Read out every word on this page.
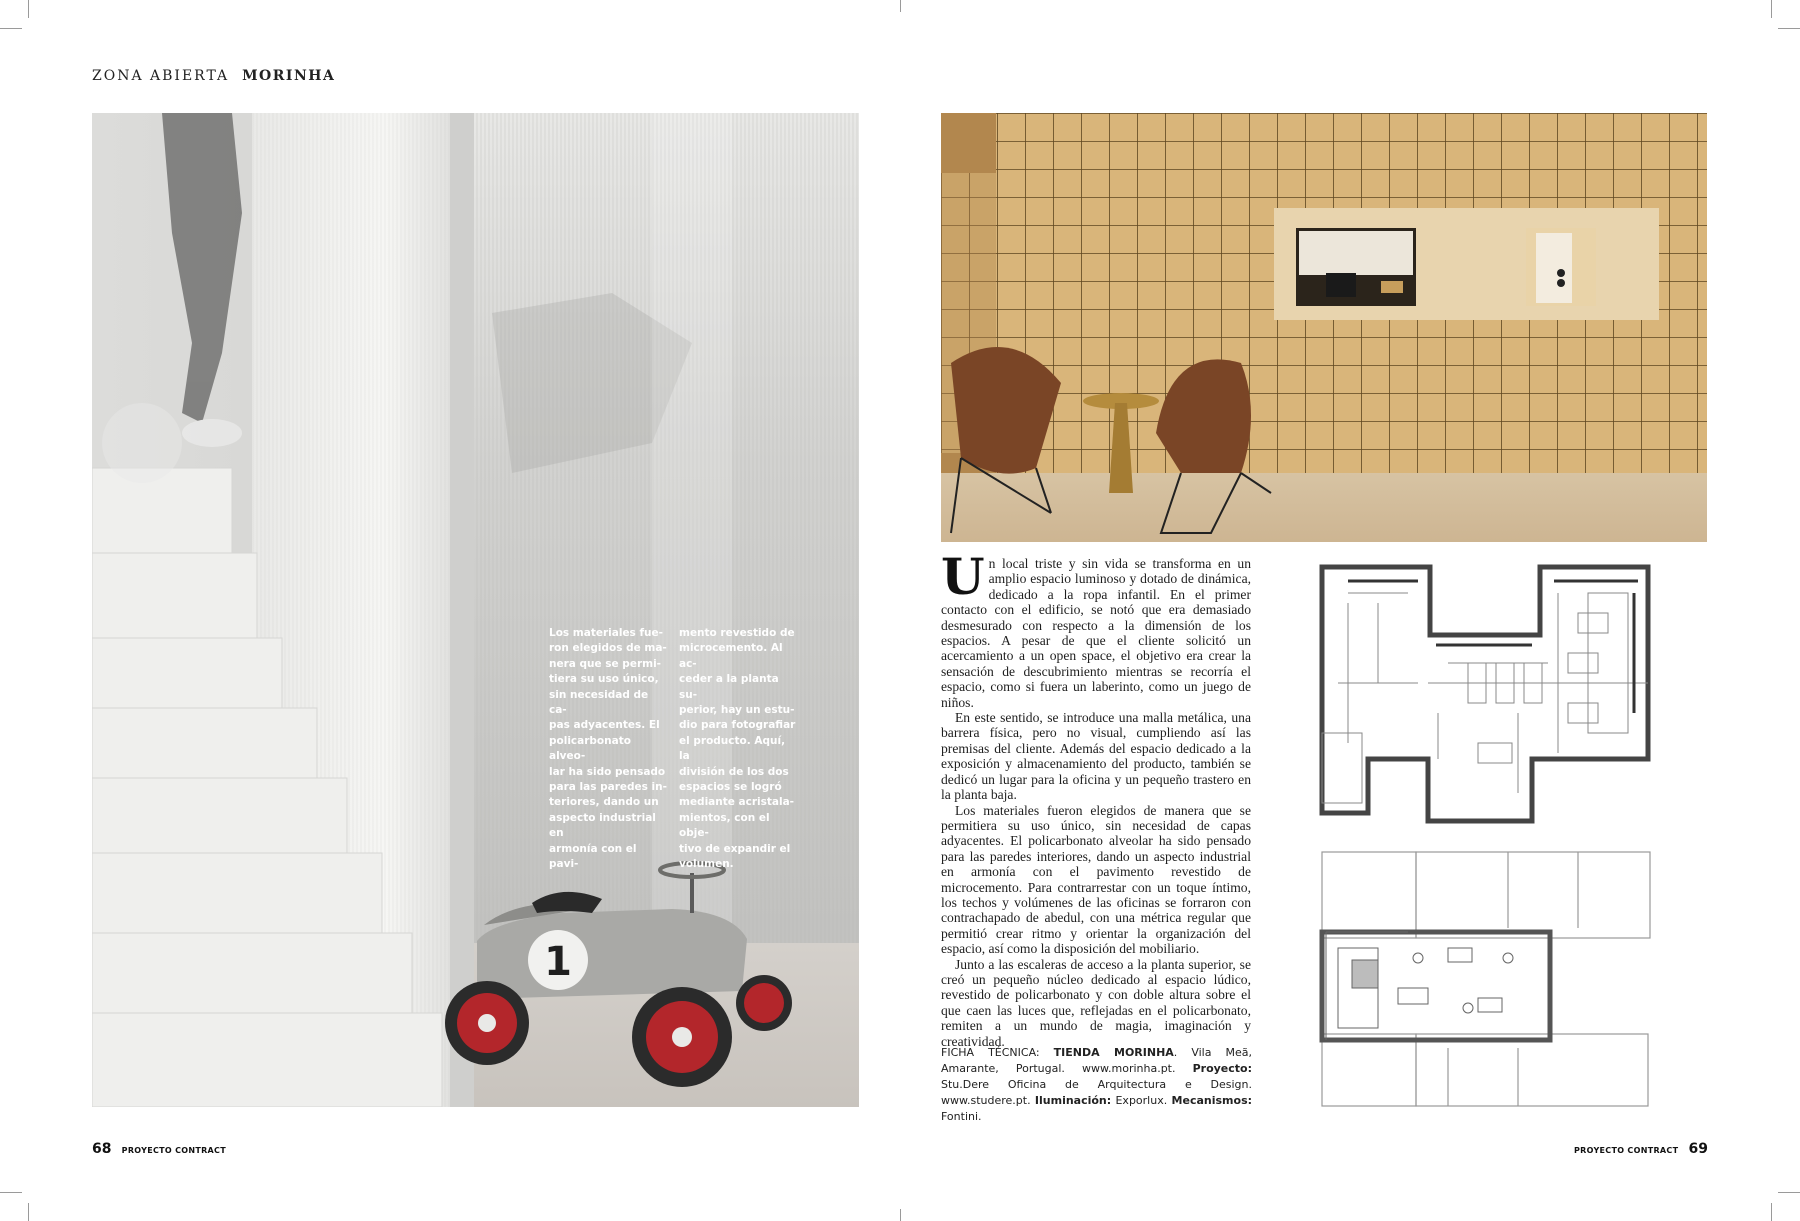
ZONA ABIERTA MORINHA
1
Los materiales fue-
ron elegidos de ma-
nera que se permi-
tiera su uso único,
sin necesidad de ca-
pas adyacentes. El
policarbonato alveo-
lar ha sido pensado
para las paredes in-
teriores, dando un
aspecto industrial en
armonía con el pavi-
mento revestido de
microcemento. Al ac-
ceder a la planta su-
perior, hay un estu-
dio para fotografiar
el producto. Aquí, la
división de los dos
espacios se logró
mediante acristala-
mientos, con el obje-
tivo de expandir el
volumen.

Un local triste y sin vida se transforma en un amplio espacio luminoso y dotado de dinámica, dedicado a la ropa infantil. En el primer contacto con el edificio, se notó que era demasiado desmesurado con respecto a la dimensión de los espacios. A pesar de que el cliente solicitó un acercamiento a un open space, el objetivo era crear la sensación de descubrimiento mientras se recorría el espacio, como si fuera un laberinto, como un juego de niños.

En este sentido, se introduce una malla metálica, una barrera física, pero no visual, cumpliendo así las premisas del cliente. Además del espacio dedicado a la exposición y almacenamiento del producto, también se dedicó un lugar para la oficina y un pequeño trastero en la planta baja.

Los materiales fueron elegidos de manera que se permitiera su uso único, sin necesidad de capas adyacentes. El policarbonato alveolar ha sido pensado para las paredes interiores, dando un aspecto industrial en armonía con el pavimento revestido de microcemento. Para contrarrestar con un toque íntimo, los techos y volúmenes de las oficinas se forraron con contrachapado de abedul, con una métrica regular que permitió crear ritmo y orientar la organización del espacio, así como la disposición del mobiliario.

Junto a las escaleras de acceso a la planta superior, se creó un pequeño núcleo dedicado al espacio lúdico, revestido de policarbonato y con doble altura sobre el que caen las luces que, reflejadas en el policarbonato, remiten a un mundo de magia, imaginación y creatividad.

FICHA TÉCNICA: TIENDA MORINHA. Vila Meã, Amarante, Portugal. www.morinha.pt. Proyecto: Stu.Dere Oficina de Arquitectura e Design. www.studere.pt. Iluminación: Exporlux. Mecanismos: Fontini.
68 PROYECTO CONTRACT	PROYECTO CONTRACT 69
